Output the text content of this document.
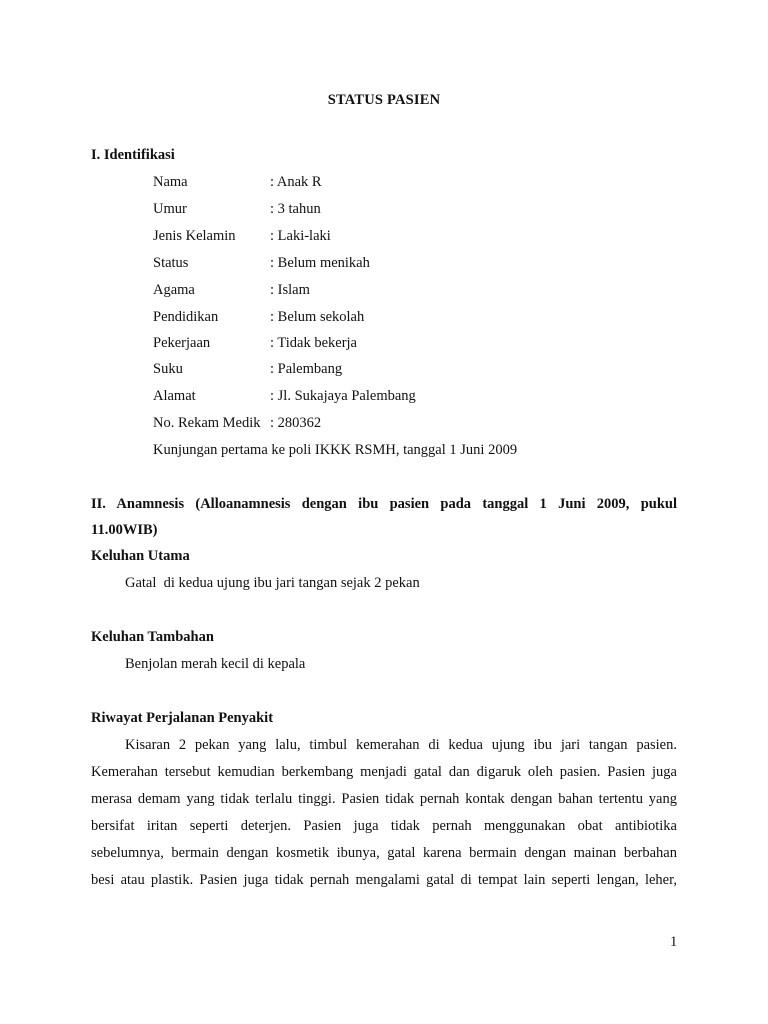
STATUS PASIEN
I. Identifikasi
Nama	: Anak R
Umur	: 3 tahun
Jenis Kelamin : Laki-laki
Status	: Belum menikah
Agama	: Islam
Pendidikan	: Belum sekolah
Pekerjaan	: Tidak bekerja
Suku	: Palembang
Alamat	: Jl. Sukajaya Palembang
No. Rekam Medik : 280362
Kunjungan pertama ke poli IKKK RSMH, tanggal 1 Juni 2009
II. Anamnesis (Alloanamnesis dengan ibu pasien pada tanggal 1 Juni 2009, pukul
11.00WIB)
Keluhan Utama
Gatal  di kedua ujung ibu jari tangan sejak 2 pekan
Keluhan Tambahan
Benjolan merah kecil di kepala
Riwayat Perjalanan Penyakit
Kisaran 2 pekan yang lalu, timbul kemerahan di kedua ujung ibu jari tangan pasien.
Kemerahan tersebut kemudian berkembang menjadi gatal dan digaruk oleh pasien. Pasien juga
merasa demam yang tidak terlalu tinggi. Pasien tidak pernah kontak dengan bahan tertentu yang
bersifat iritan seperti deterjen. Pasien juga tidak pernah menggunakan obat antibiotika
sebelumnya, bermain dengan kosmetik ibunya, gatal karena bermain dengan mainan berbahan
besi atau plastik. Pasien juga tidak pernah mengalami gatal di tempat lain seperti lengan, leher,
1
